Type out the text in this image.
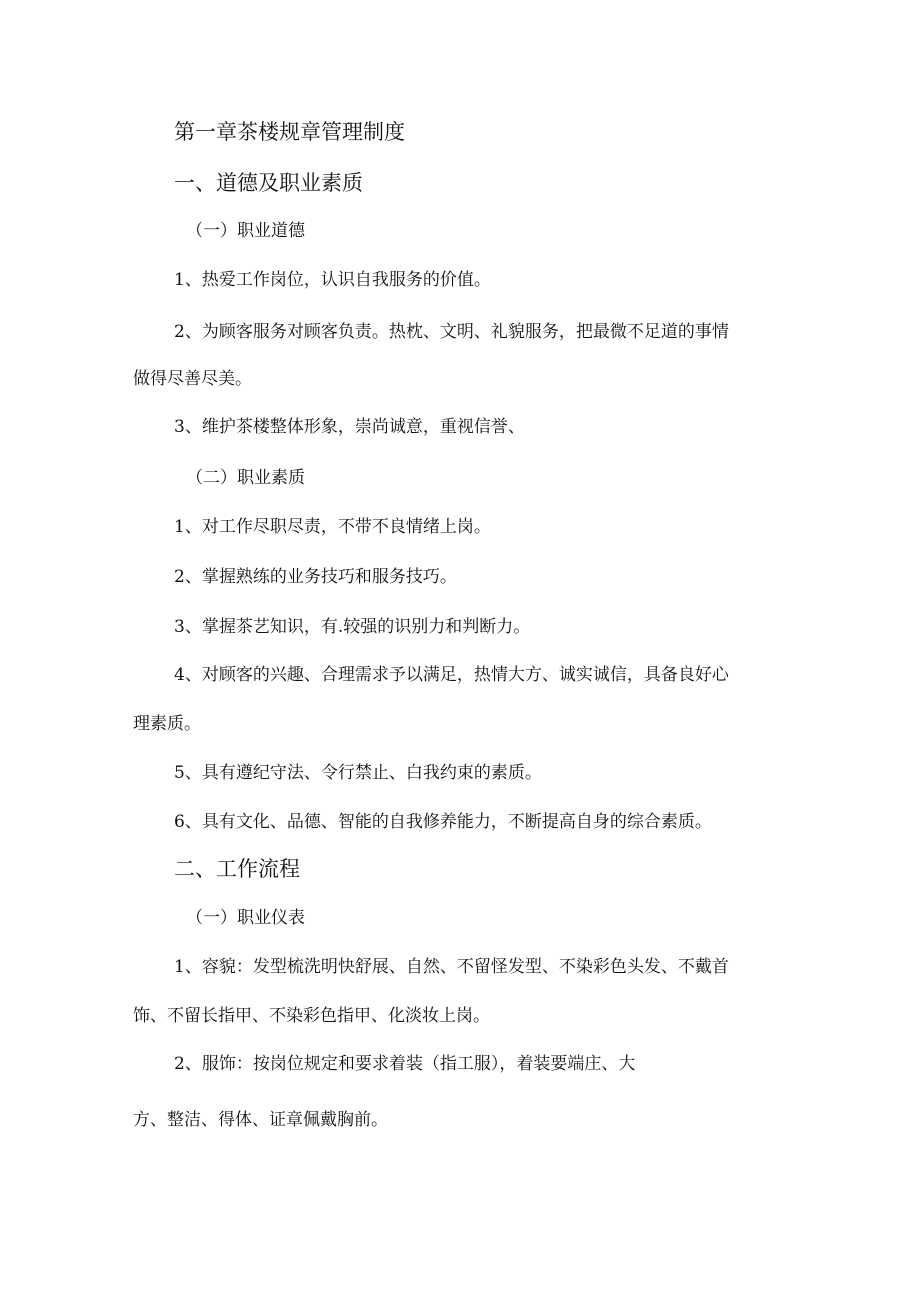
第一章茶楼规章管理制度
一、道德及职业素质
（一）职业道德
1、热爱工作岗位，认识自我服务的价值。
2、为顾客服务对顾客负责。热枕、文明、礼貌服务，把最微不足道的事情
做得尽善尽美。
3、维护茶楼整体形象，崇尚诚意，重视信誉、
（二）职业素质
1、对工作尽职尽责，不带不良情绪上岗。
2、掌握熟练的业务技巧和服务技巧。
3、掌握茶艺知识，有.较强的识别力和判断力。
4、对顾客的兴趣、合理需求予以满足，热情大方、诚实诚信，具备良好心
理素质。
5、具有遵纪守法、令行禁止、白我约束的素质。
6、具有文化、品德、智能的自我修养能力，不断提高自身的综合素质。
二、工作流程
（一）职业仪表
1、容貌：发型梳洗明快舒展、自然、不留怪发型、不染彩色头发、不戴首
饰、不留长指甲、不染彩色指甲、化淡妆上岗。
2、服饰：按岗位规定和要求着装（指工服），着装要端庄、大
方、整洁、得体、证章佩戴胸前。
